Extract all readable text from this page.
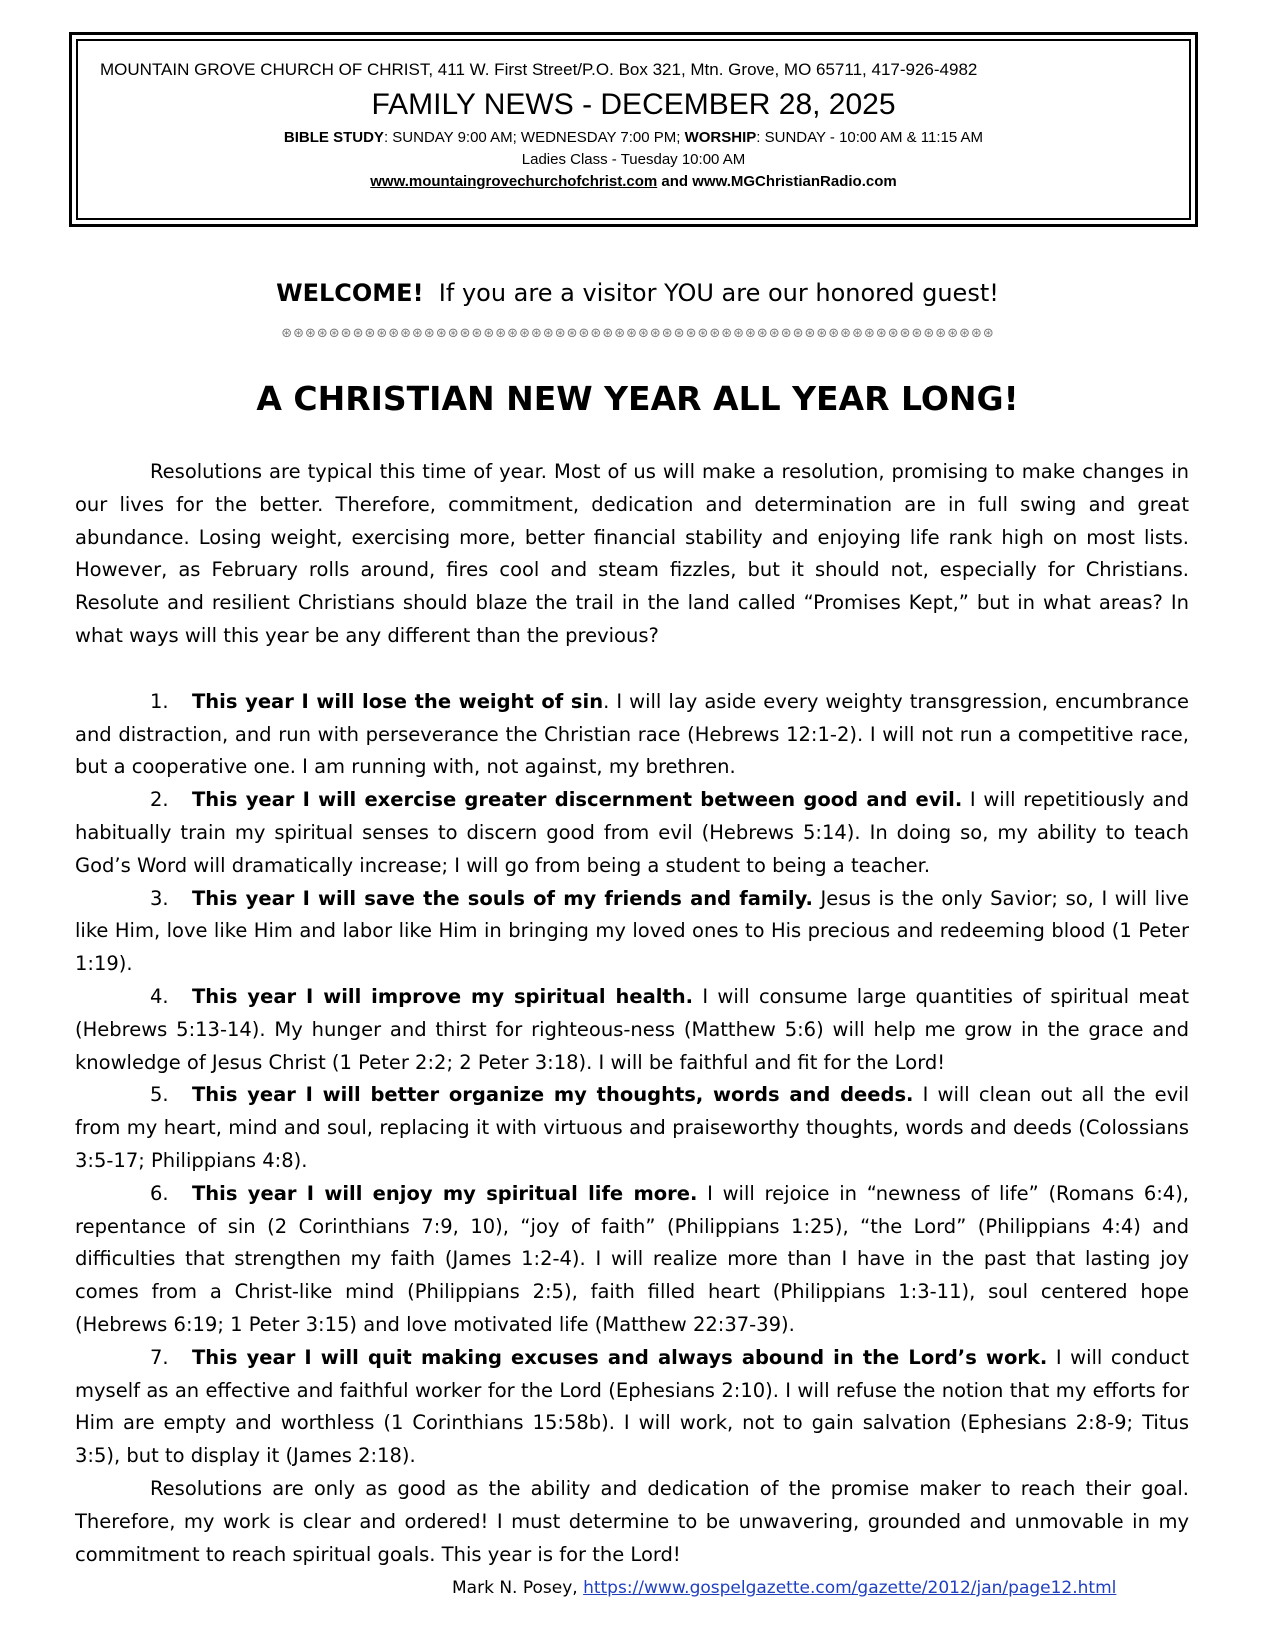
MOUNTAIN GROVE CHURCH OF CHRIST, 411 W. First Street/P.O. Box 321, Mtn. Grove, MO 65711, 417-926-4982
FAMILY NEWS - DECEMBER 28, 2025
BIBLE STUDY: SUNDAY 9:00 AM; WEDNESDAY 7:00 PM; WORSHIP: SUNDAY - 10:00 AM & 11:15 AM
Ladies Class - Tuesday 10:00 AM
www.mountaingrovechurchofchrist.com and www.MGChristianRadio.com
WELCOME! If you are a visitor YOU are our honored guest!
⊛⊛⊛⊛⊛⊛⊛⊛⊛⊛⊛⊛⊛⊛⊛⊛⊛⊛⊛⊛⊛⊛⊛⊛⊛⊛⊛⊛⊛⊛⊛⊛⊛⊛⊛⊛⊛⊛⊛⊛⊛⊛⊛⊛⊛⊛⊛⊛⊛⊛⊛⊛⊛⊛⊛⊛⊛⊛⊛⊛
A CHRISTIAN NEW YEAR ALL YEAR LONG!

Resolutions are typical this time of year. Most of us will make a resolution, promising to make changes in our lives for the better. Therefore, commitment, dedication and determination are in full swing and great abundance. Losing weight, exercising more, better financial stability and enjoying life rank high on most lists. However, as February rolls around, fires cool and steam fizzles, but it should not, especially for Christians. Resolute and resilient Christians should blaze the trail in the land called “Promises Kept,” but in what areas? In what ways will this year be any different than the previous?

1. This year I will lose the weight of sin. I will lay aside every weighty transgression, encumbrance and distraction, and run with perseverance the Christian race (Hebrews 12:1-2). I will not run a competitive race, but a cooperative one. I am running with, not against, my brethren.

2. This year I will exercise greater discernment between good and evil. I will repetitiously and habitually train my spiritual senses to discern good from evil (Hebrews 5:14). In doing so, my ability to teach God’s Word will dramatically increase; I will go from being a student to being a teacher.

3. This year I will save the souls of my friends and family. Jesus is the only Savior; so, I will live like Him, love like Him and labor like Him in bringing my loved ones to His precious and redeeming blood (1 Peter 1:19).

4. This year I will improve my spiritual health. I will consume large quantities of spiritual meat (Hebrews 5:13-14). My hunger and thirst for righteous-ness (Matthew 5:6) will help me grow in the grace and knowledge of Jesus Christ (1 Peter 2:2; 2 Peter 3:18). I will be faithful and fit for the Lord!

5. This year I will better organize my thoughts, words and deeds. I will clean out all the evil from my heart, mind and soul, replacing it with virtuous and praiseworthy thoughts, words and deeds (Colossians 3:5-17; Philippians 4:8).

6. This year I will enjoy my spiritual life more. I will rejoice in “newness of life” (Romans 6:4), repentance of sin (2 Corinthians 7:9, 10), “joy of faith” (Philippians 1:25), “the Lord” (Philippians 4:4) and difficulties that strengthen my faith (James 1:2-4). I will realize more than I have in the past that lasting joy comes from a Christ-like mind (Philippians 2:5), faith filled heart (Philippians 1:3-11), soul centered hope (Hebrews 6:19; 1 Peter 3:15) and love motivated life (Matthew 22:37-39).

7. This year I will quit making excuses and always abound in the Lord’s work. I will conduct myself as an effective and faithful worker for the Lord (Ephesians 2:10). I will refuse the notion that my efforts for Him are empty and worthless (1 Corinthians 15:58b). I will work, not to gain salvation (Ephesians 2:8-9; Titus 3:5), but to display it (James 2:18).

Resolutions are only as good as the ability and dedication of the promise maker to reach their goal. Therefore, my work is clear and ordered! I must determine to be unwavering, grounded and unmovable in my commitment to reach spiritual goals. This year is for the Lord!

Mark N. Posey, https://www.gospelgazette.com/gazette/2012/jan/page12.html
